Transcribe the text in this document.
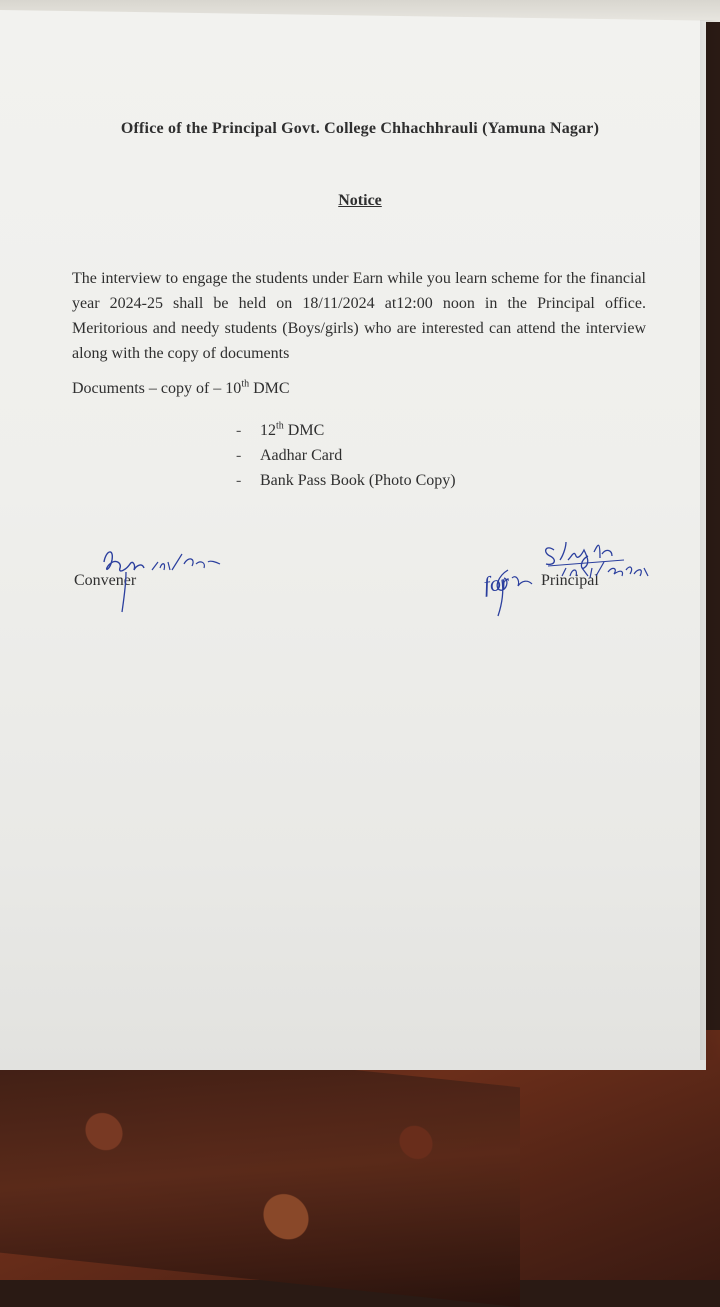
Office of the Principal Govt. College Chhachhrauli (Yamuna Nagar)
Notice
The interview to engage the students under Earn while you learn scheme for the financial year 2024-25 shall be held on 18/11/2024 at12:00 noon in the Principal office. Meritorious and needy students (Boys/girls) who are interested can attend the interview along with the copy of documents
Documents – copy of – 10th DMC
-	12th DMC
-	Aadhar Card
-	Bank Pass Book (Photo Copy)
Convener	Principal
for
